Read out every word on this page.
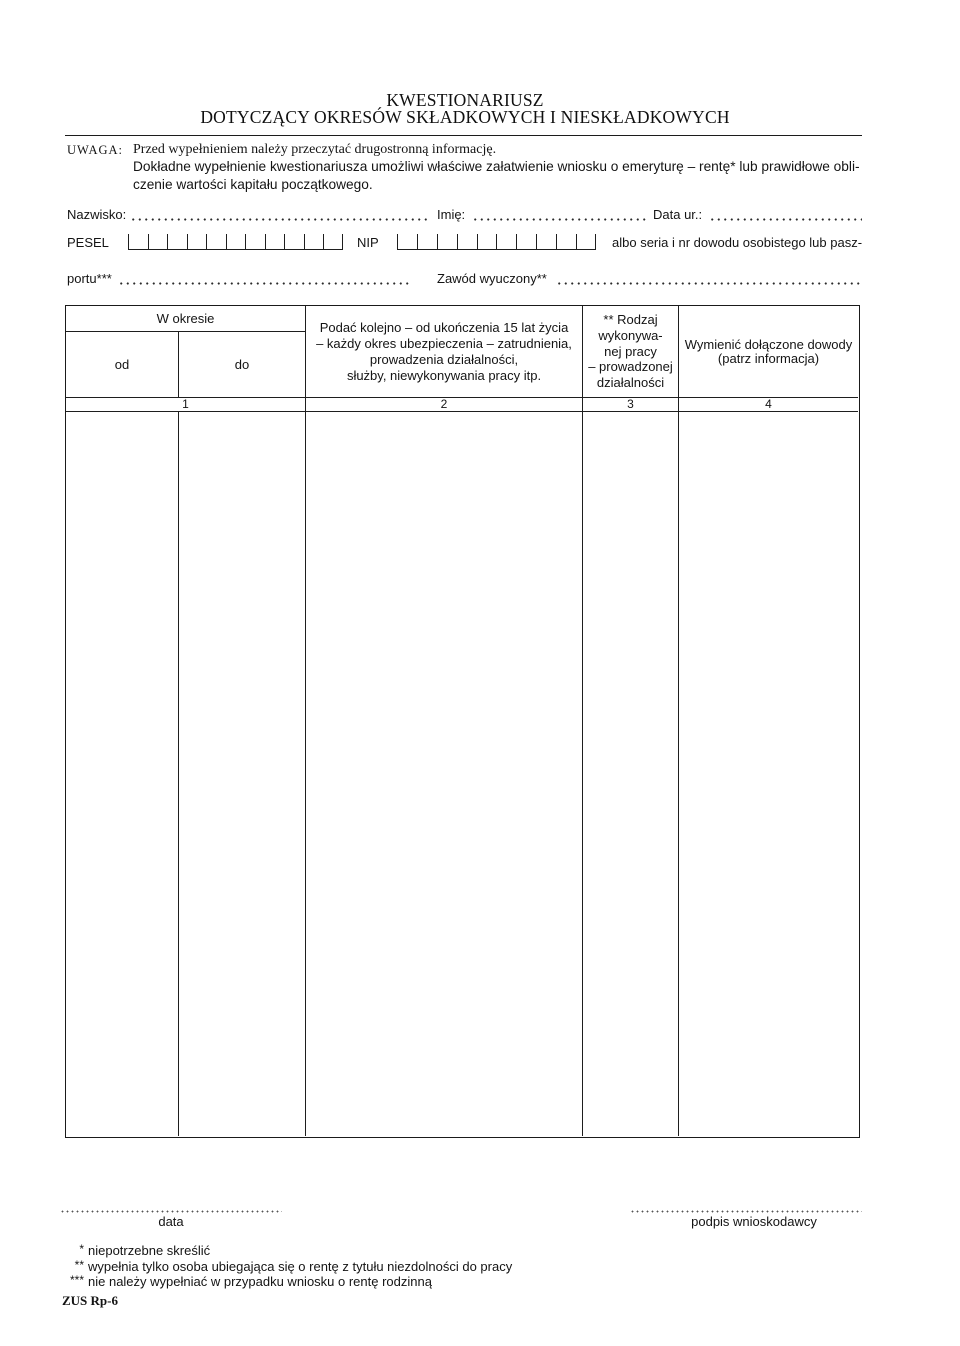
KWESTIONARIUSZ
DOTYCZĄCY OKRESÓW SKŁADKOWYCH I NIESKŁADKOWYCH
UWAGA: Przed wypełnieniem należy przeczytać drugostronną informację.
Dokładne wypełnienie kwestionariusza umożliwi właściwe załatwienie wniosku o emeryturę – rentę* lub prawidłowe obli-
czenie wartości kapitału początkowego.
Nazwisko:	Imię:	Data ur.:
PESEL	NIP	albo seria i nr dowodu osobistego lub pasz-
portu***	Zawód wyuczony**
W okresie
od	do
Podać kolejno – od ukończenia 15 lat życia
– każdy okres ubezpieczenia – zatrudnienia,
prowadzenia działalności,
służby, niewykonywania pracy itp.
** Rodzaj
wykonywa-
nej pracy
– prowadzonej
działalności
Wymienić dołączone dowody
(patrz informacja)
1	2	3	4
data	podpis wnioskodawcy
* niepotrzebne skreślić
** wypełnia tylko osoba ubiegająca się o rentę z tytułu niezdolności do pracy
*** nie należy wypełniać w przypadku wniosku o rentę rodzinną
ZUS Rp-6
